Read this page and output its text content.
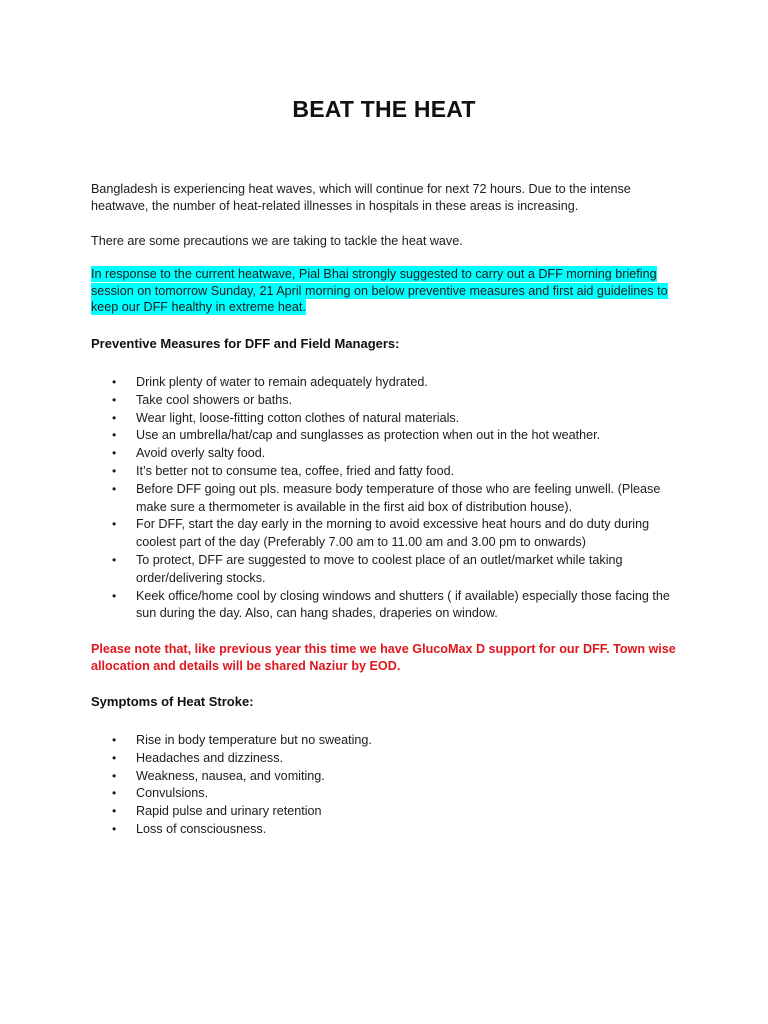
BEAT THE HEAT
Bangladesh is experiencing heat waves, which will continue for next 72 hours. Due to the intense heatwave, the number of heat-related illnesses in hospitals in these areas is increasing.
There are some precautions we are taking to tackle the heat wave.
In response to the current heatwave, Pial Bhai strongly suggested to carry out a DFF morning briefing session on tomorrow Sunday, 21 April morning on below preventive measures and first aid guidelines to keep our DFF healthy in extreme heat.
Preventive Measures for DFF and Field Managers:
• Drink plenty of water to remain adequately hydrated.
• Take cool showers or baths.
• Wear light, loose-fitting cotton clothes of natural materials.
• Use an umbrella/hat/cap and sunglasses as protection when out in the hot weather.
• Avoid overly salty food.
• It’s better not to consume tea, coffee, fried and fatty food.
• Before DFF going out pls. measure body temperature of those who are feeling unwell. (Please make sure a thermometer is available in the first aid box of distribution house).
• For DFF, start the day early in the morning to avoid excessive heat hours and do duty during coolest part of the day (Preferably 7.00 am to 11.00 am and 3.00 pm to onwards)
• To protect, DFF are suggested to move to coolest place of an outlet/market while taking order/delivering stocks.
• Keek office/home cool by closing windows and shutters ( if available) especially those facing the sun during the day. Also, can hang shades, draperies on window.
Please note that, like previous year this time we have GlucoMax D support for our DFF. Town wise allocation and details will be shared Naziur by EOD.
Symptoms of Heat Stroke:
• Rise in body temperature but no sweating.
• Headaches and dizziness.
• Weakness, nausea, and vomiting.
• Convulsions.
• Rapid pulse and urinary retention
• Loss of consciousness.
